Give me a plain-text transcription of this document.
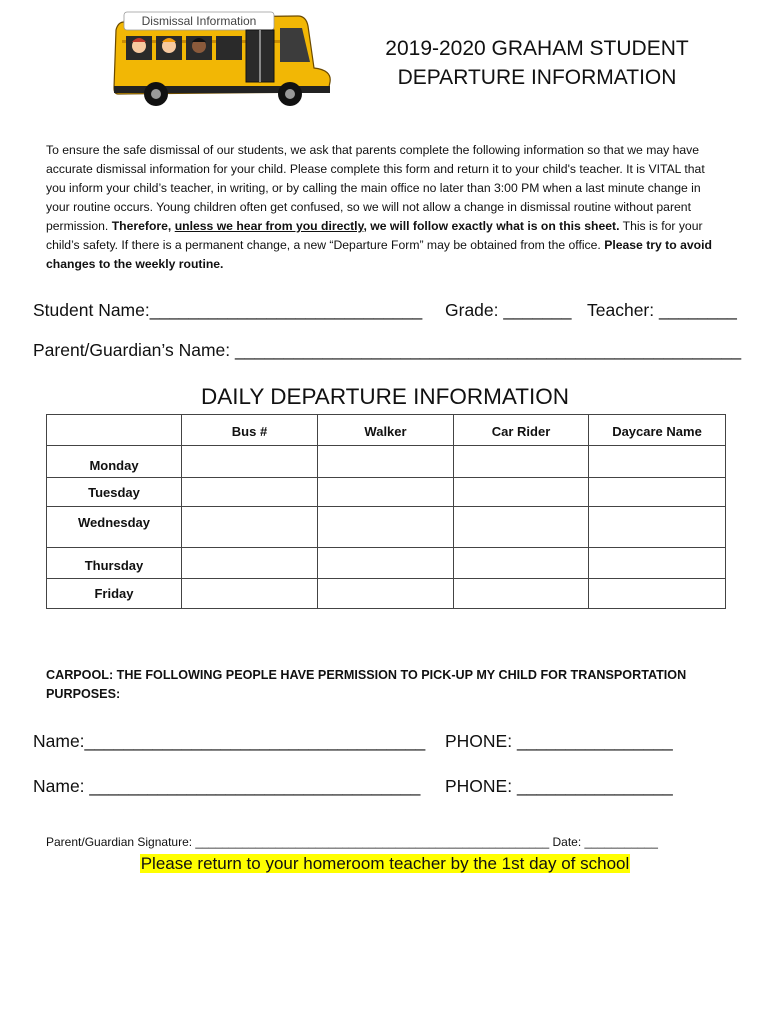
Dismissal Information
2019-2020 GRAHAM STUDENT
DEPARTURE INFORMATION
To ensure the safe dismissal of our students, we ask that parents complete the following information so that we may have accurate dismissal information for your child. Please complete this form and return it to your child's teacher. It is VITAL that you inform your child’s teacher, in writing, or by calling the main office no later than 3:00 PM when a last minute change in your routine occurs. Young children often get confused, so we will not allow a change in dismissal routine without parent permission. Therefore, unless we hear from you directly, we will follow exactly what is on this sheet. This is for your child’s safety. If there is a permanent change, a new “Departure Form” may be obtained from the office. Please try to avoid changes to the weekly routine.
Student Name:____________________________ Grade: _______ Teacher: ________
Parent/Guardian’s Name: ____________________________________________________
DAILY DEPARTURE INFORMATION
	Bus #	Walker	Car Rider	Daycare Name
Monday				
Tuesday				
Wednesday				
Thursday				
Friday				
CARPOOL: THE FOLLOWING PEOPLE HAVE PERMISSION TO PICK-UP MY CHILD FOR TRANSPORTATION PURPOSES:
Name:___________________________________ PHONE: ________________
Name: __________________________________ PHONE: ________________
Parent/Guardian Signature: _____________________________________________________ Date: ___________
Please return to your homeroom teacher by the 1st day of school
